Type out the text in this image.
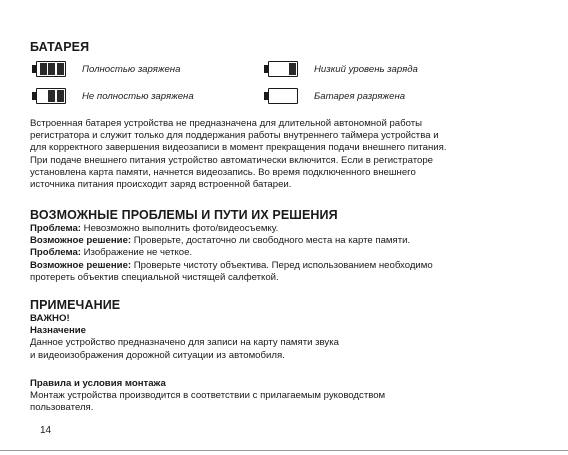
БАТАРЕЯ
Полностью заряжена
Не полностью заряжена
Низкий уровень заряда
Батарея разряжена

Встроенная батарея устройства не предназначена для длительной автономной работы

регистратора и служит только для поддержания работы внутреннего таймера устройства и

для корректного завершения видеозаписи в момент прекращения подачи внешнего питания.

При подаче внешнего питания устройство автоматически включится. Если в регистраторе

установлена карта памяти, начнется видеозапись. Во время подключенного внешнего

источника питания происходит заряд встроенной батареи.

ВОЗМОЖНЫЕ ПРОБЛЕМЫ И ПУТИ ИХ РЕШЕНИЯ

Проблема: Невозможно выполнить фото/видеосъемку.

Возможное решение: Проверьте, достаточно ли свободного места на карте памяти.

Проблема: Изображение не четкое.

Возможное решение: Проверьте чистоту объектива. Перед использованием необходимо

протереть объектив специальной чистящей салфеткой.

ПРИМЕЧАНИЕ

ВАЖНО!

Назначение

Данное устройство предназначено для записи на карту памяти звука

и видеоизображения дорожной ситуации из автомобиля.

Правила и условия монтажа

Монтаж устройства производится в соответствии с прилагаемым руководством

пользователя.

14
